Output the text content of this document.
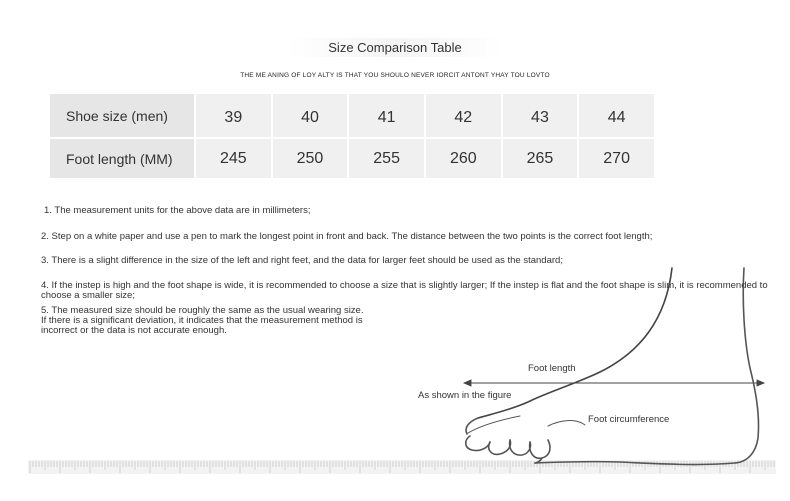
Size Comparison Table
THE ME ANING OF LOY ALTY IS THAT YOU SHOULO NEVER IORCIT ANTONT YHAY TOU LOVTO
Shoe size (men)	39	40	41	42	43	44
Foot length (MM)	245	250	255	260	265	270
1. The measurement units for the above data are in millimeters;
2. Step on a white paper and use a pen to mark the longest point in front and back. The distance between the two points is the correct foot length;
3. There is a slight difference in the size of the left and right feet, and the data for larger feet should be used as the standard;
4. If the instep is high and the foot shape is wide, it is recommended to choose a size that is slightly larger; If the instep is flat and the foot shape is slim, it is recommended to choose a smaller size;
5. The measured size should be roughly the same as the usual wearing size. If there is a significant deviation, it indicates that the measurement method is incorrect or the data is not accurate enough.
Foot length
As shown in the figure
Foot circumference
